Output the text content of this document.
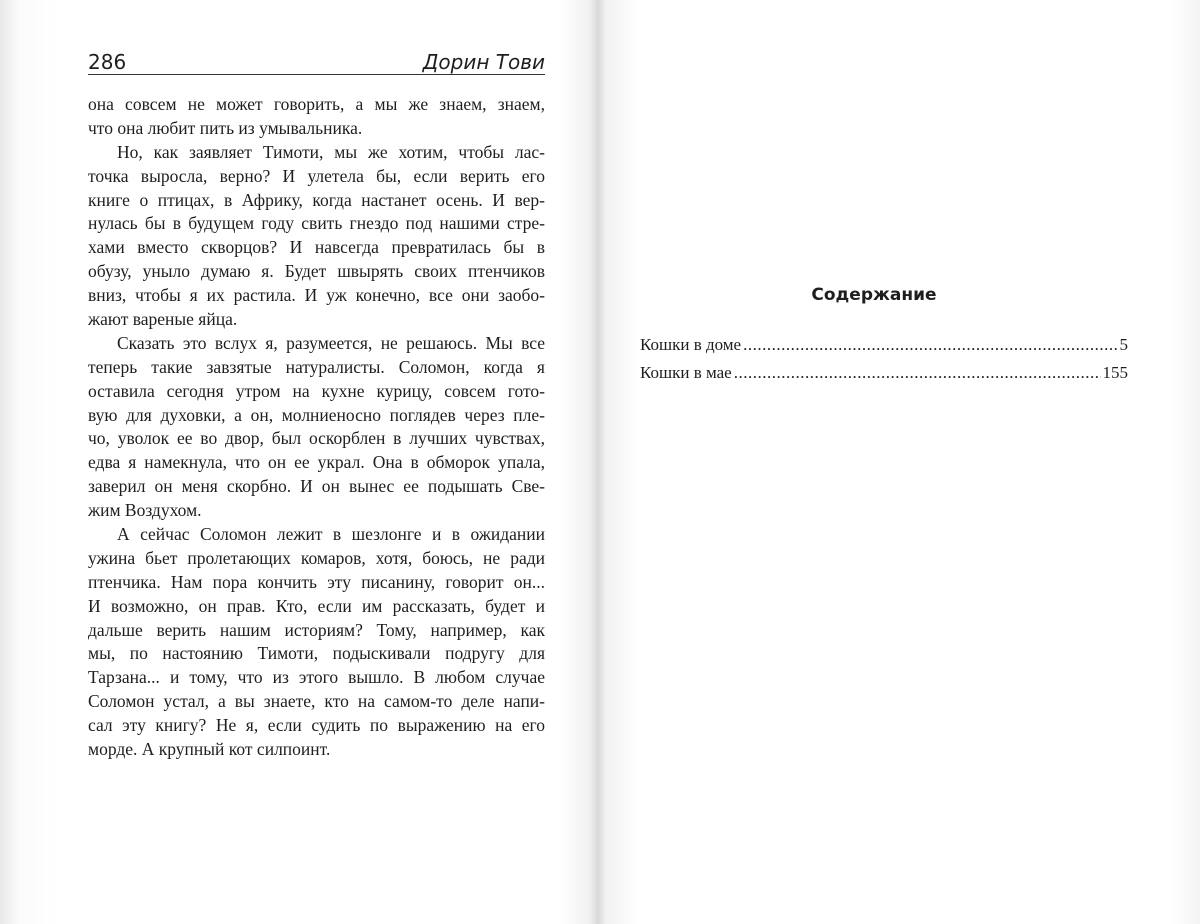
286	Дорин Тови
она совсем не может говорить, а мы же знаем, знаем,
что она любит пить из умывальника.
Но, как заявляет Тимоти, мы же хотим, чтобы лас-
точка выросла, верно? И улетела бы, если верить его
книге о птицах, в Африку, когда настанет осень. И вер-
нулась бы в будущем году свить гнездо под нашими стре-
хами вместо скворцов? И навсегда превратилась бы в
обузу, уныло думаю я. Будет швырять своих птенчиков
вниз, чтобы я их растила. И уж конечно, все они заобо-
жают вареные яйца.
Сказать это вслух я, разумеется, не решаюсь. Мы все
теперь такие завзятые натуралисты. Соломон, когда я
оставила сегодня утром на кухне курицу, совсем гото-
вую для духовки, а он, молниеносно поглядев через пле-
чо, уволок ее во двор, был оскорблен в лучших чувствах,
едва я намекнула, что он ее украл. Она в обморок упала,
заверил он меня скорбно. И он вынес ее подышать Све-
жим Воздухом.
А сейчас Соломон лежит в шезлонге и в ожидании
ужина бьет пролетающих комаров, хотя, боюсь, не ради
птенчика. Нам пора кончить эту писанину, говорит он...
И возможно, он прав. Кто, если им рассказать, будет и
дальше верить нашим историям? Тому, например, как
мы, по настоянию Тимоти, подыскивали подругу для
Тарзана... и тому, что из этого вышло. В любом случае
Соломон устал, а вы знаете, кто на самом-то деле напи-
сал эту книгу? Не я, если судить по выражению на его
морде. А крупный кот силпоинт.
Содержание
Кошки в доме .....	5
Кошки в мае .....	155
